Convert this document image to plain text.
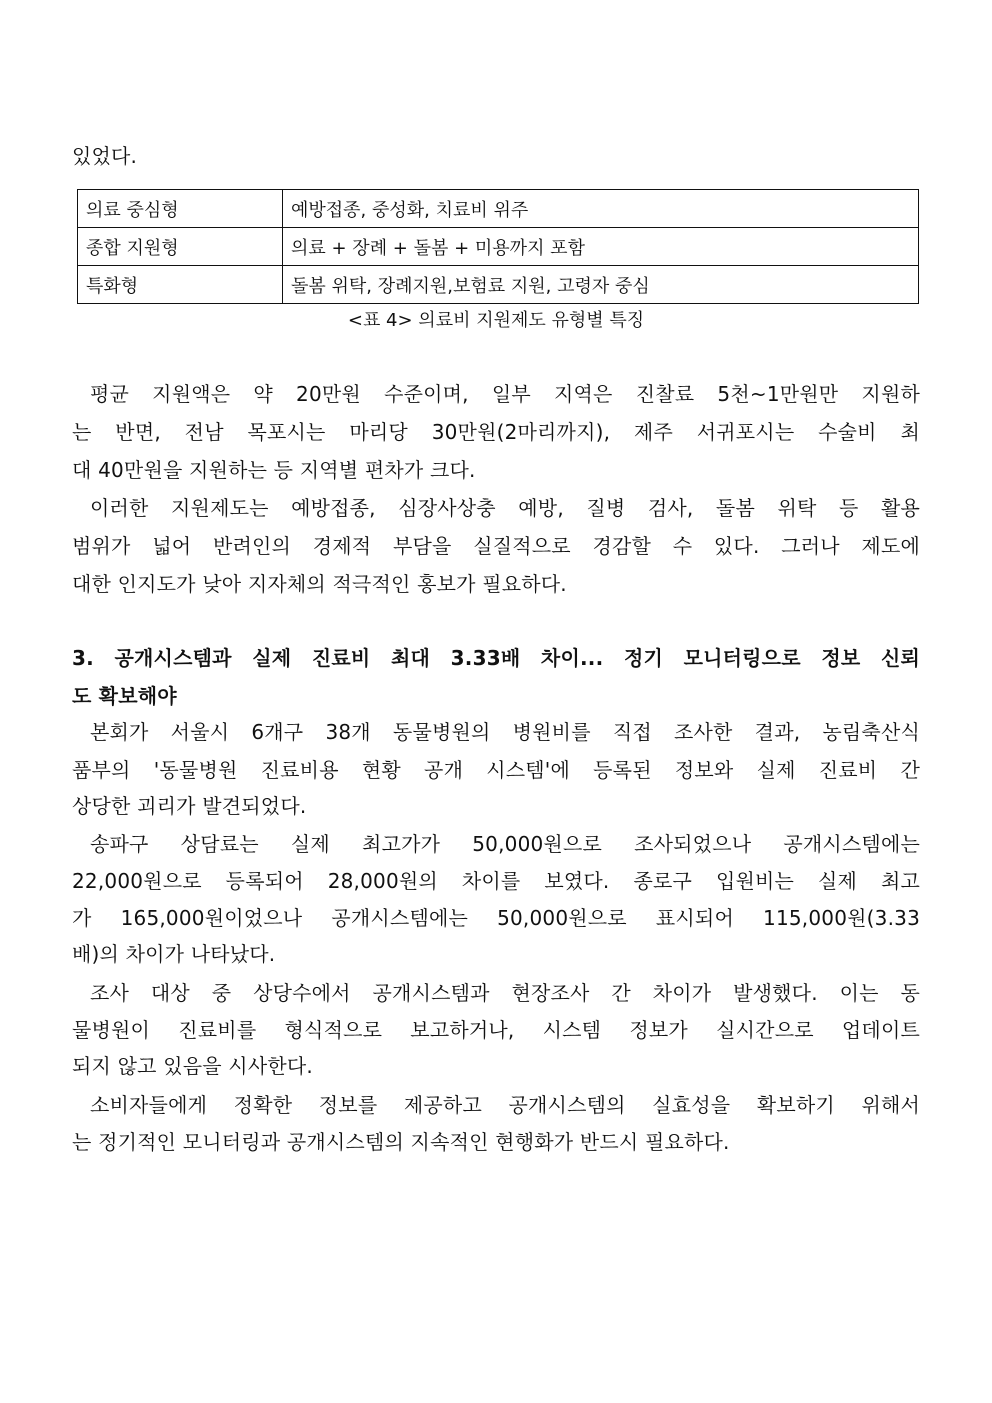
있었다.
의료 중심형	예방접종, 중성화, 치료비 위주
종합 지원형	의료 + 장례 + 돌봄 + 미용까지 포함
특화형	돌봄 위탁, 장례지원,보험료 지원, 고령자 중심
<표 4> 의료비 지원제도 유형별 특징
평균 지원액은 약 20만원 수준이며, 일부 지역은 진찰료 5천~1만원만 지원하
는 반면, 전남 목포시는 마리당 30만원(2마리까지), 제주 서귀포시는 수술비 최
대 40만원을 지원하는 등 지역별 편차가 크다.
이러한 지원제도는 예방접종, 심장사상충 예방, 질병 검사, 돌봄 위탁 등 활용
범위가 넓어 반려인의 경제적 부담을 실질적으로 경감할 수 있다. 그러나 제도에
대한 인지도가 낮아 지자체의 적극적인 홍보가 필요하다.
3. 공개시스템과 실제 진료비 최대 3.33배 차이... 정기 모니터링으로 정보 신뢰
도 확보해야
본회가 서울시 6개구 38개 동물병원의 병원비를 직접 조사한 결과, 농림축산식
품부의 '동물병원 진료비용 현황 공개 시스템'에 등록된 정보와 실제 진료비 간
상당한 괴리가 발견되었다.
송파구 상담료는 실제 최고가가 50,000원으로 조사되었으나 공개시스템에는
22,000원으로 등록되어 28,000원의 차이를 보였다. 종로구 입원비는 실제 최고
가 165,000원이었으나 공개시스템에는 50,000원으로 표시되어 115,000원(3.33
배)의 차이가 나타났다.
조사 대상 중 상당수에서 공개시스템과 현장조사 간 차이가 발생했다. 이는 동
물병원이 진료비를 형식적으로 보고하거나, 시스템 정보가 실시간으로 업데이트
되지 않고 있음을 시사한다.
소비자들에게 정확한 정보를 제공하고 공개시스템의 실효성을 확보하기 위해서
는 정기적인 모니터링과 공개시스템의 지속적인 현행화가 반드시 필요하다.
